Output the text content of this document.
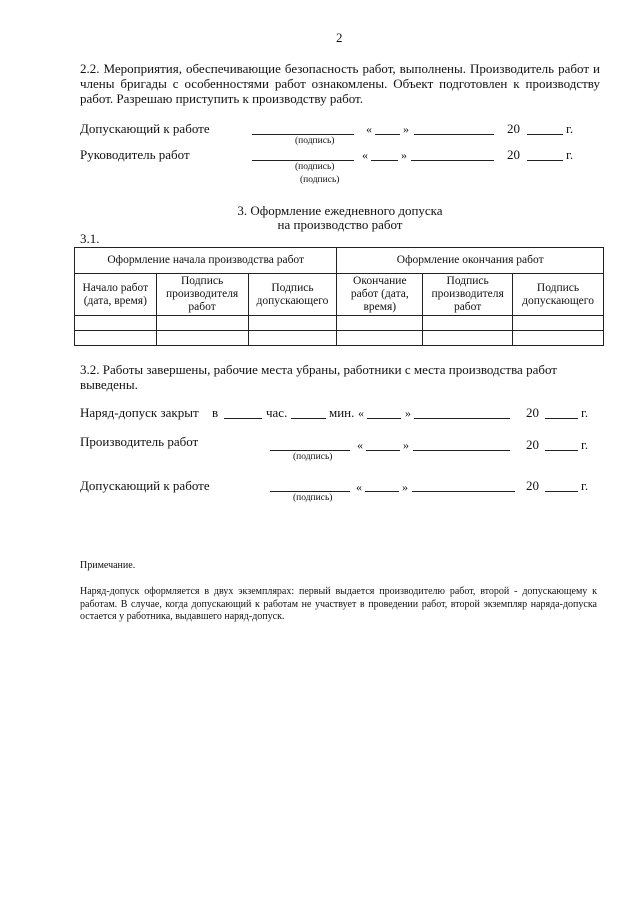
2
2.2. Мероприятия, обеспечивающие безопасность работ, выполнены. Производитель работ и члены бригады с особенностями работ ознакомлены. Объект подготовлен к производству работ. Разрешаю приступить к производству работ.
Допускающий к работе	«	»	20	г.
(подпись)
Руководитель работ	«	»	20	г.
(подпись)
(подпись)
3. Оформление ежедневного допуска
на производство работ
3.1.
Оформление начала производства работ			Оформление окончания работ		
Начало работ (дата, время)	Подпись производителя работ	Подпись допускающего	Окончание работ (дата, время)	Подпись производителя работ	Подпись допускающего

3.2. Работы завершены, рабочие места убраны, работники с места производства работ выведены.
Наряд-допуск закрыт в	час.	мин. «	»	20	г.
Производитель работ	«	»	20	г.
(подпись)
Допускающий к работе	«	»	20	г.
(подпись)
Примечание.
Наряд-допуск оформляется в двух экземплярах: первый выдается производителю работ, второй - допускающему к работам. В случае, когда допускающий к работам не участвует в проведении работ, второй экземпляр наряда-допуска остается у работника, выдавшего наряд-допуск.
